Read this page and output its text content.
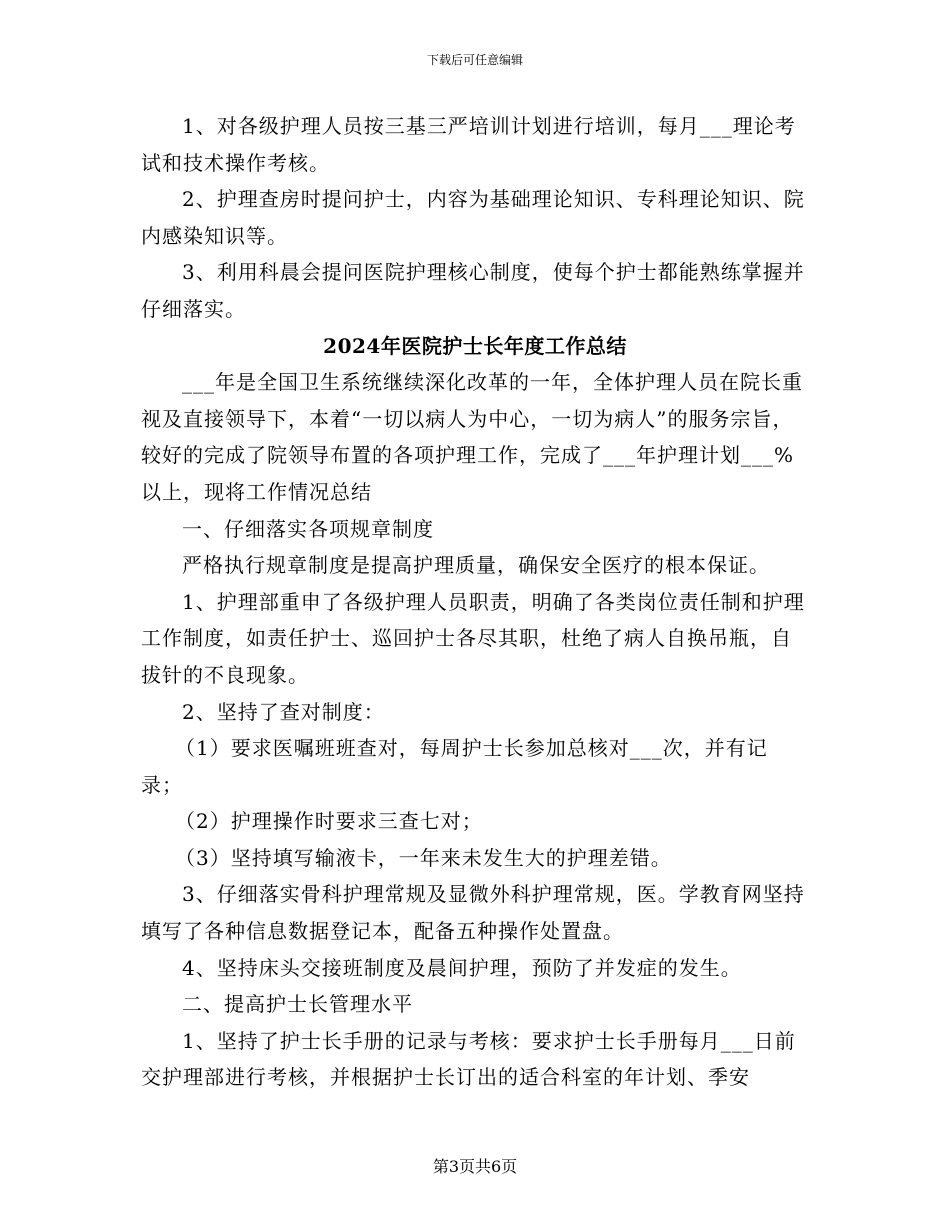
下载后可任意编辑

1、对各级护理人员按三基三严培训计划进行培训，每月___理论考试和技术操作考核。

2、护理查房时提问护士，内容为基础理论知识、专科理论知识、院内感染知识等。

3、利用科晨会提问医院护理核心制度，使每个护士都能熟练掌握并仔细落实。

2024年医院护士长年度工作总结

___年是全国卫生系统继续深化改革的一年，全体护理人员在院长重视及直接领导下，本着“一切以病人为中心，一切为病人”的服务宗旨，较好的完成了院领导布置的各项护理工作，完成了___年护理计划___%以上，现将工作情况总结

一、仔细落实各项规章制度

严格执行规章制度是提高护理质量，确保安全医疗的根本保证。

1、护理部重申了各级护理人员职责，明确了各类岗位责任制和护理工作制度，如责任护士、巡回护士各尽其职，杜绝了病人自换吊瓶，自拔针的不良现象。

2、坚持了查对制度：

（1）要求医嘱班班查对，每周护士长参加总核对___次，并有记录；

（2）护理操作时要求三查七对；

（3）坚持填写输液卡，一年来未发生大的护理差错。

3、仔细落实骨科护理常规及显微外科护理常规，医。学教育网坚持填写了各种信息数据登记本，配备五种操作处置盘。

4、坚持床头交接班制度及晨间护理，预防了并发症的发生。

二、提高护士长管理水平

1、坚持了护士长手册的记录与考核：要求护士长手册每月___日前交护理部进行考核，并根据护士长订出的适合科室的年计划、季安

第3页共6页
